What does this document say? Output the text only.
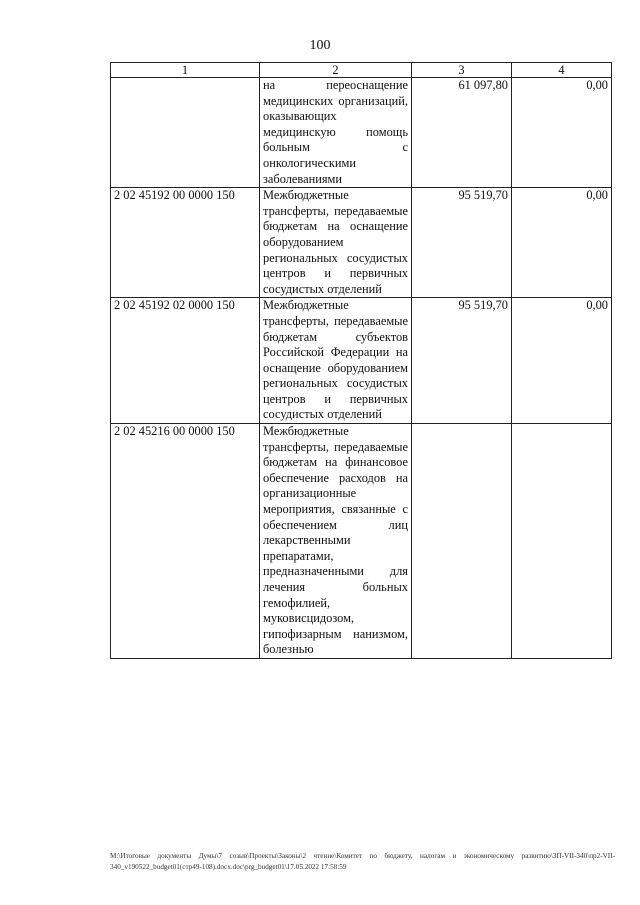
100
1	2	3	4
	на переоснащение медицинских организаций, оказывающих медицинскую помощь больным с онкологическими заболеваниями	61 097,80	0,00
2 02 45192 00 0000 150	Межбюджетные трансферты, передаваемые бюджетам на оснащение оборудованием региональных сосудистых центров и первичных сосудистых отделений	95 519,70	0,00
2 02 45192 02 0000 150	Межбюджетные трансферты, передаваемые бюджетам субъектов Российской Федерации на оснащение оборудованием региональных сосудистых центров и первичных сосудистых отделений	95 519,70	0,00
2 02 45216 00 0000 150	Межбюджетные трансферты, передаваемые бюджетам на финансовое обеспечение расходов на организационные мероприятия, связанные с обеспечением лиц лекарственными препаратами, предназначенными для лечения больных гемофилией, муковисцидозом, гипофизарным нанизмом, болезнью		
M:\Итоговые документы Думы\7 созыв\Проекты\Законы\2 чтение\Комитет по бюджету, налогам и экономическому развитию\ЗП-VII-340\пр2-VII-340_v190522_budget01(стр49-108).docx.doc\prg_budget01\17.05.2022 17:58:59
